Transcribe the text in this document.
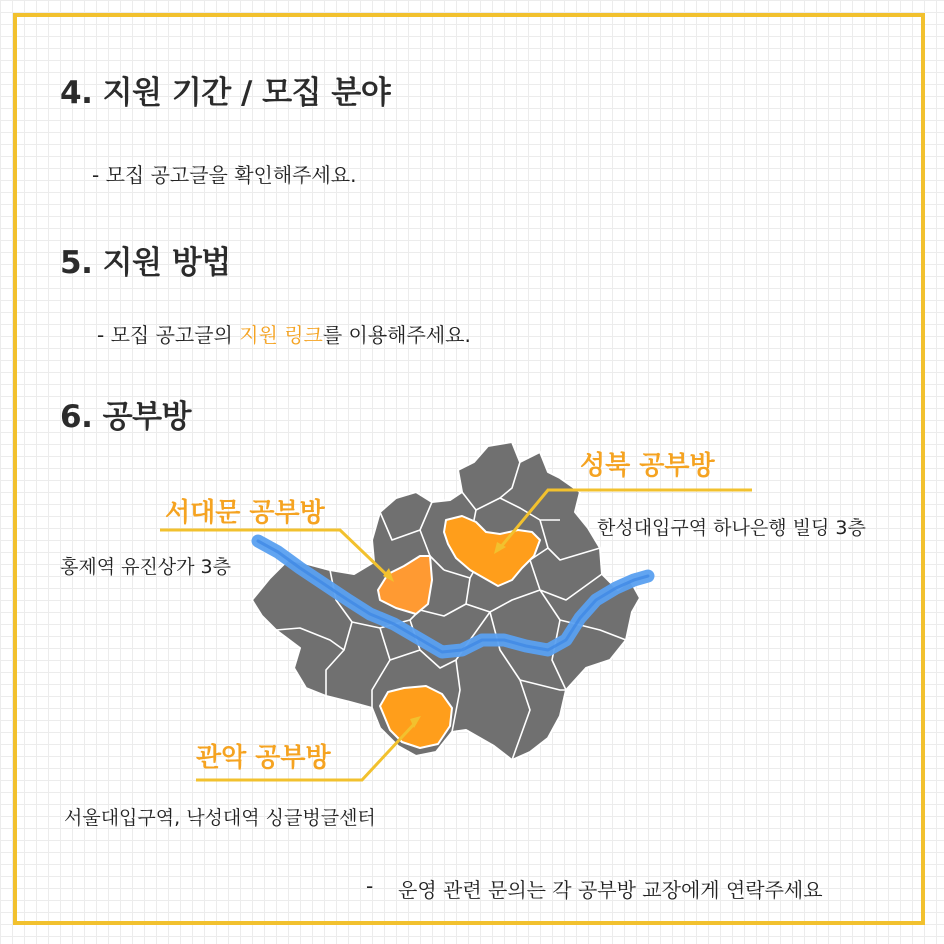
4. 지원 기간 / 모집 분야
- 모집 공고글을 확인해주세요.
5. 지원 방법
- 모집 공고글의 지원 링크를 이용해주세요.
6. 공부방
성북 공부방
한성대입구역 하나은행 빌딩 3층
서대문 공부방
홍제역 유진상가 3층
관악 공부방
서울대입구역, 낙성대역 싱글벙글센터
- 운영 관련 문의는 각 공부방 교장에게 연락주세요
